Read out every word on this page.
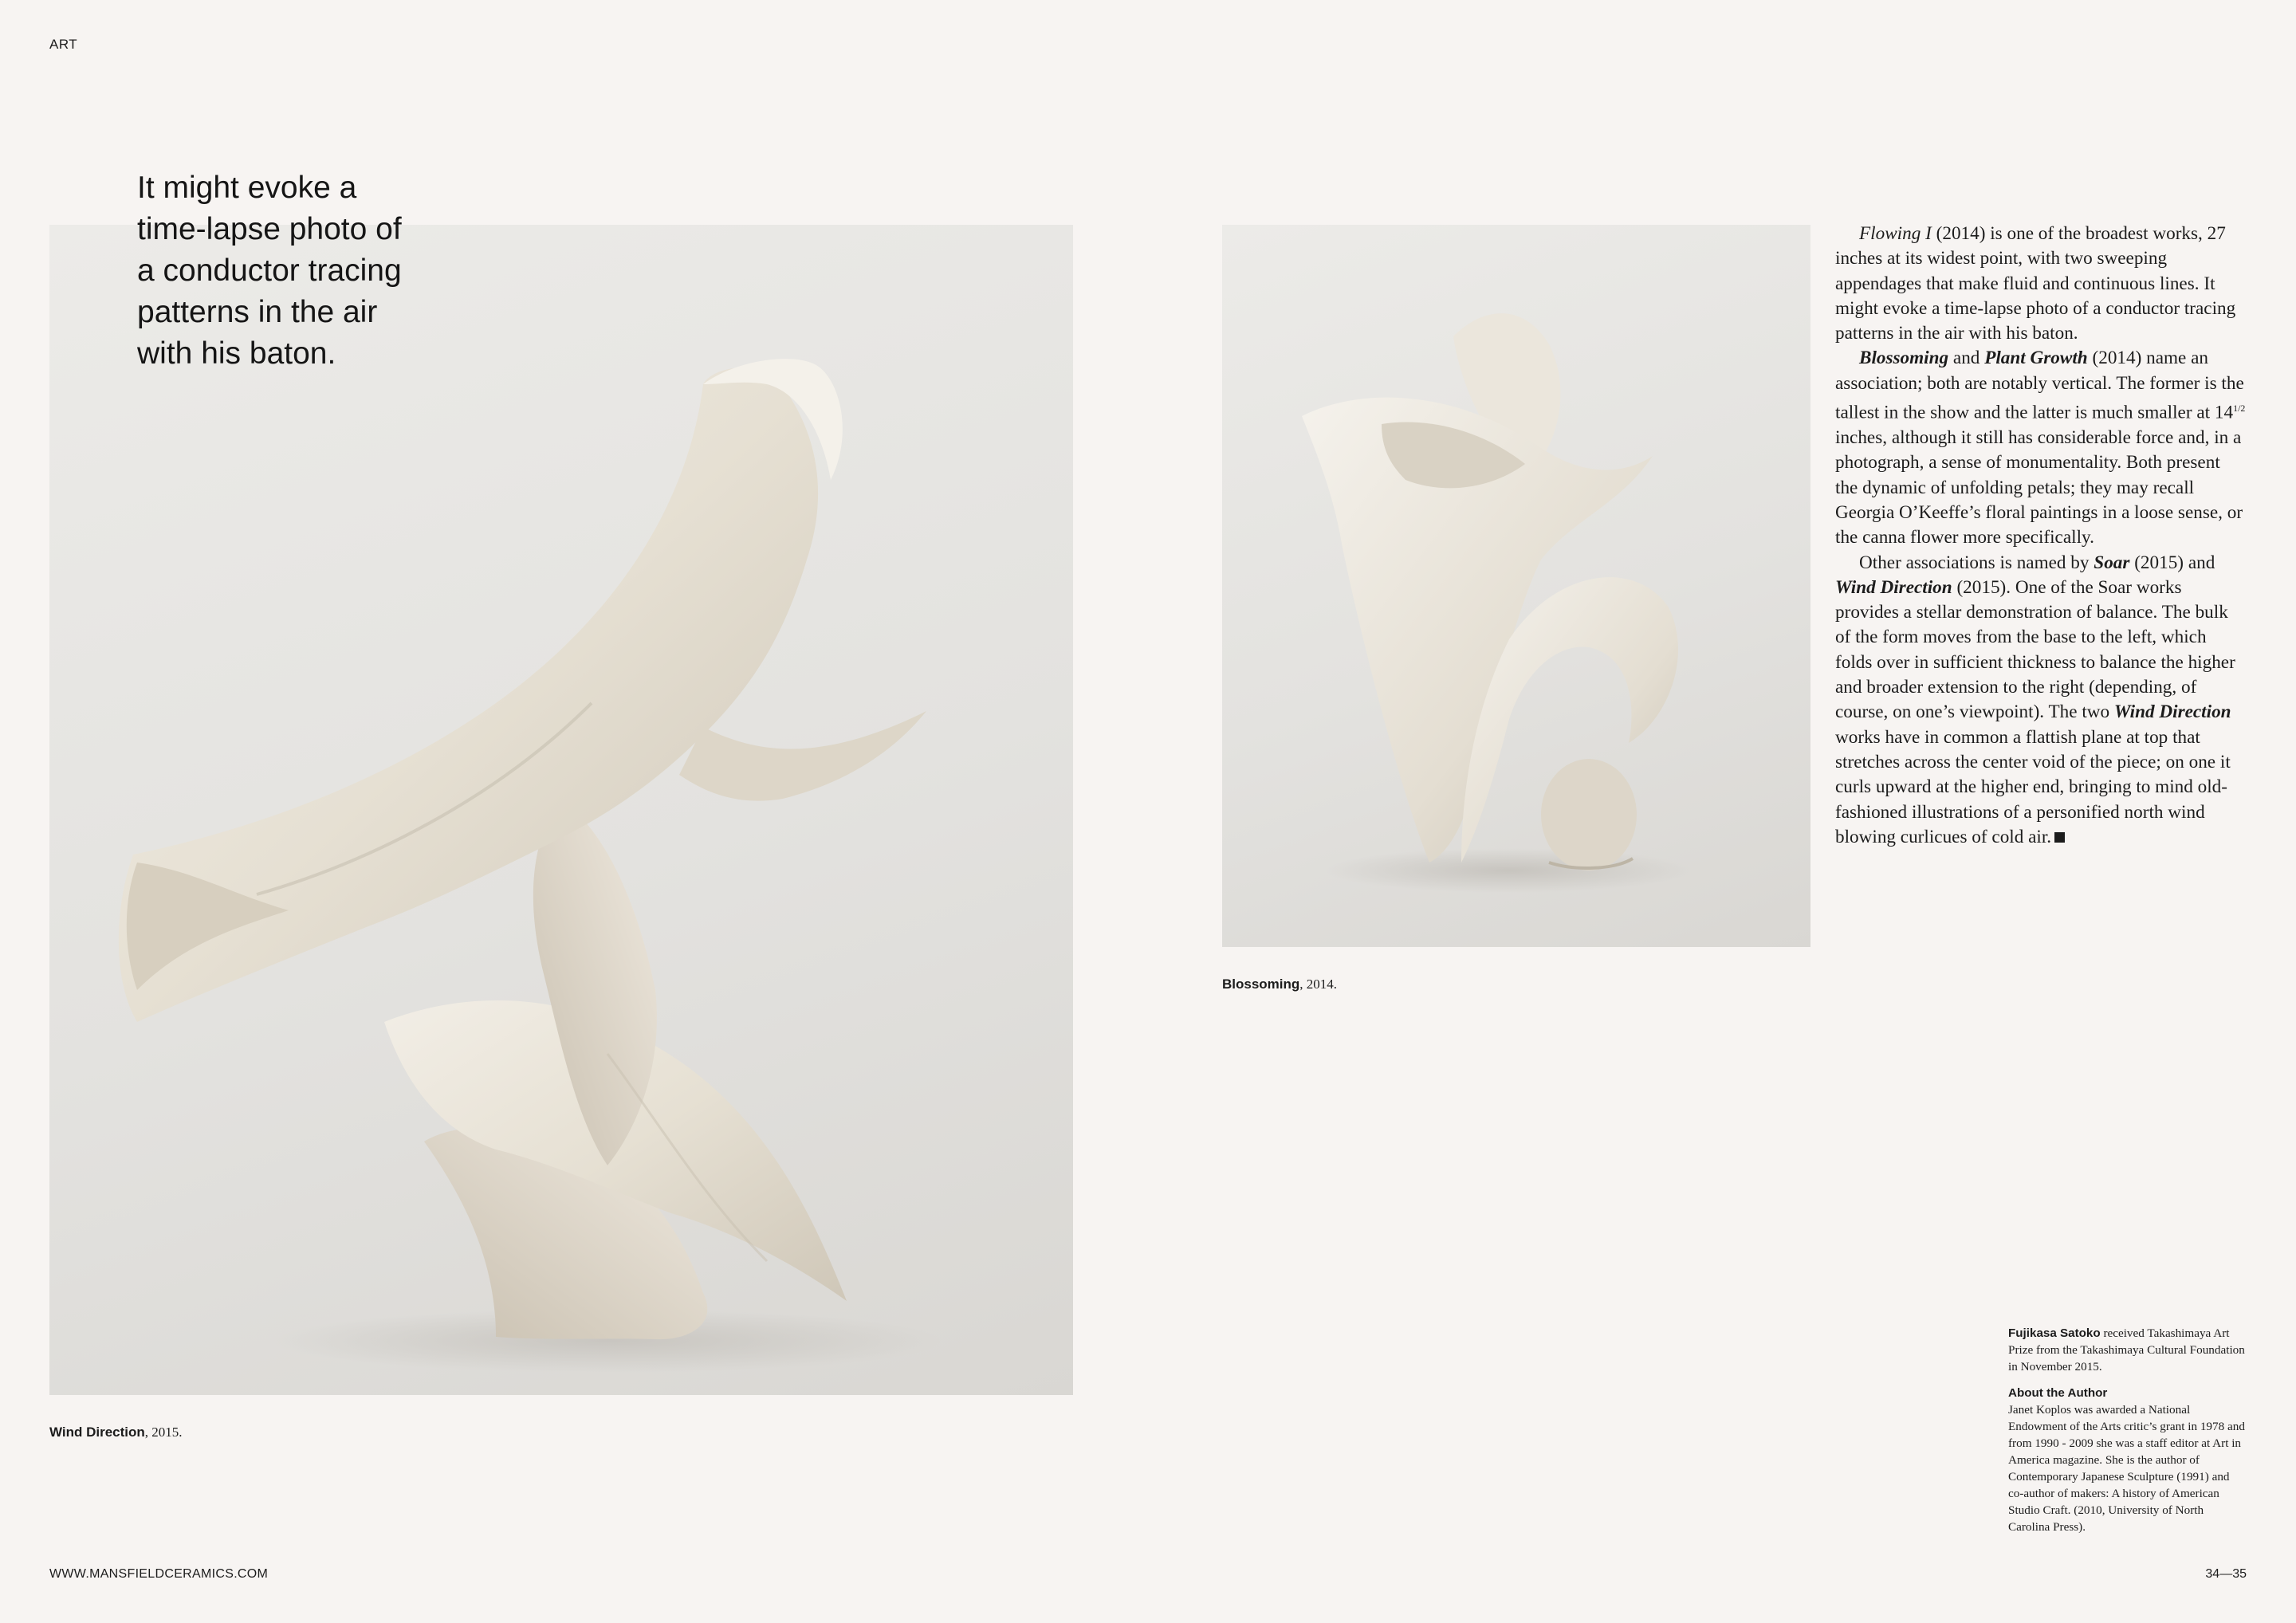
ART
It might evoke a
time-lapse photo of
a conductor tracing
patterns in the air
with his baton.
Wind Direction, 2015.
Blossoming, 2014.

Flowing I (2014) is one of the broadest works, 27 inches at its widest point, with two sweeping appendages that make fluid and continuous lines. It might evoke a time-lapse photo of a conductor tracing patterns in the air with his baton.

Blossoming and Plant Growth (2014) name an association; both are notably vertical. The former is the tallest in the show and the latter is much smaller at $14^{1/2}$ inches, although it still has considerable force and, in a photograph, a sense of monumentality. Both present the dynamic of unfolding petals; they may recall Georgia O’Keeffe’s floral paintings in a loose sense, or the canna flower more specifically.

Other associations is named by Soar (2015) and Wind Direction (2015). One of the Soar works provides a stellar demonstration of balance. The bulk of the form moves from the base to the left, which folds over in sufficient thickness to balance the higher and broader extension to the right (depending, of course, on one’s viewpoint). The two Wind Direction works have in common a flattish plane at top that stretches across the center void of the piece; on one it curls upward at the higher end, bringing to mind old-fashioned illustrations of a personified north wind blowing curlicues of cold air.

Fujikasa Satoko received Takashimaya Art Prize from the Takashimaya Cultural Foundation in November 2015.

About the Author

Janet Koplos was awarded a National Endowment of the Arts critic’s grant in 1978 and from 1990 - 2009 she was a staff editor at Art in America magazine. She is the author of Contemporary Japanese Sculpture (1991) and co-author of makers: A history of American Studio Craft. (2010, University of North Carolina Press).

WWW.MANSFIELDCERAMICS.COM	34—35
